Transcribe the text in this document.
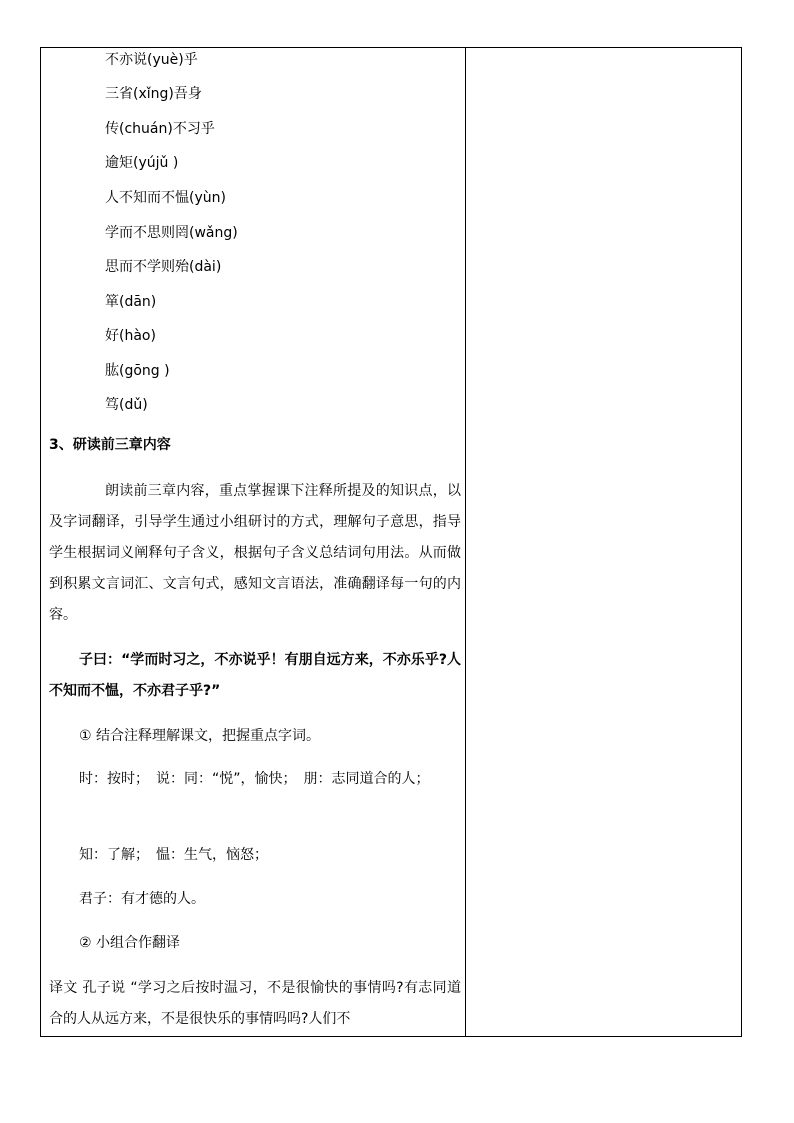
不亦说(yuè)乎
三省(xǐng)吾身
传(chuán)不习乎
逾矩(yújǔ )
人不知而不愠(yùn)
学而不思则罔(wǎng)
思而不学则殆(dài)
箪(dān)
好(hào)
肱(gōng )
笃(dǔ)
3、研读前三章内容
朗读前三章内容，重点掌握课下注释所提及的知识点，以及字词翻译，引导学生通过小组研讨的方式，理解句子意思，指导学生根据词义阐释句子含义，根据句子含义总结词句用法。从而做到积累文言词汇、文言句式，感知文言语法，准确翻译每一句的内容。
子曰：“学而时习之，不亦说乎！有朋自远方来，不亦乐乎?人不知而不愠，不亦君子乎?”
① 结合注释理解课文，把握重点字词。
时：按时；　说：同：“悦”，愉快；　朋：志同道合的人；
知：了解；　愠：生气，恼怒；
君子：有才德的人。
② 小组合作翻译
译文 孔子说 “学习之后按时温习，不是很愉快的事情吗?有志同道合的人从远方来，不是很快乐的事情吗吗?人们不
